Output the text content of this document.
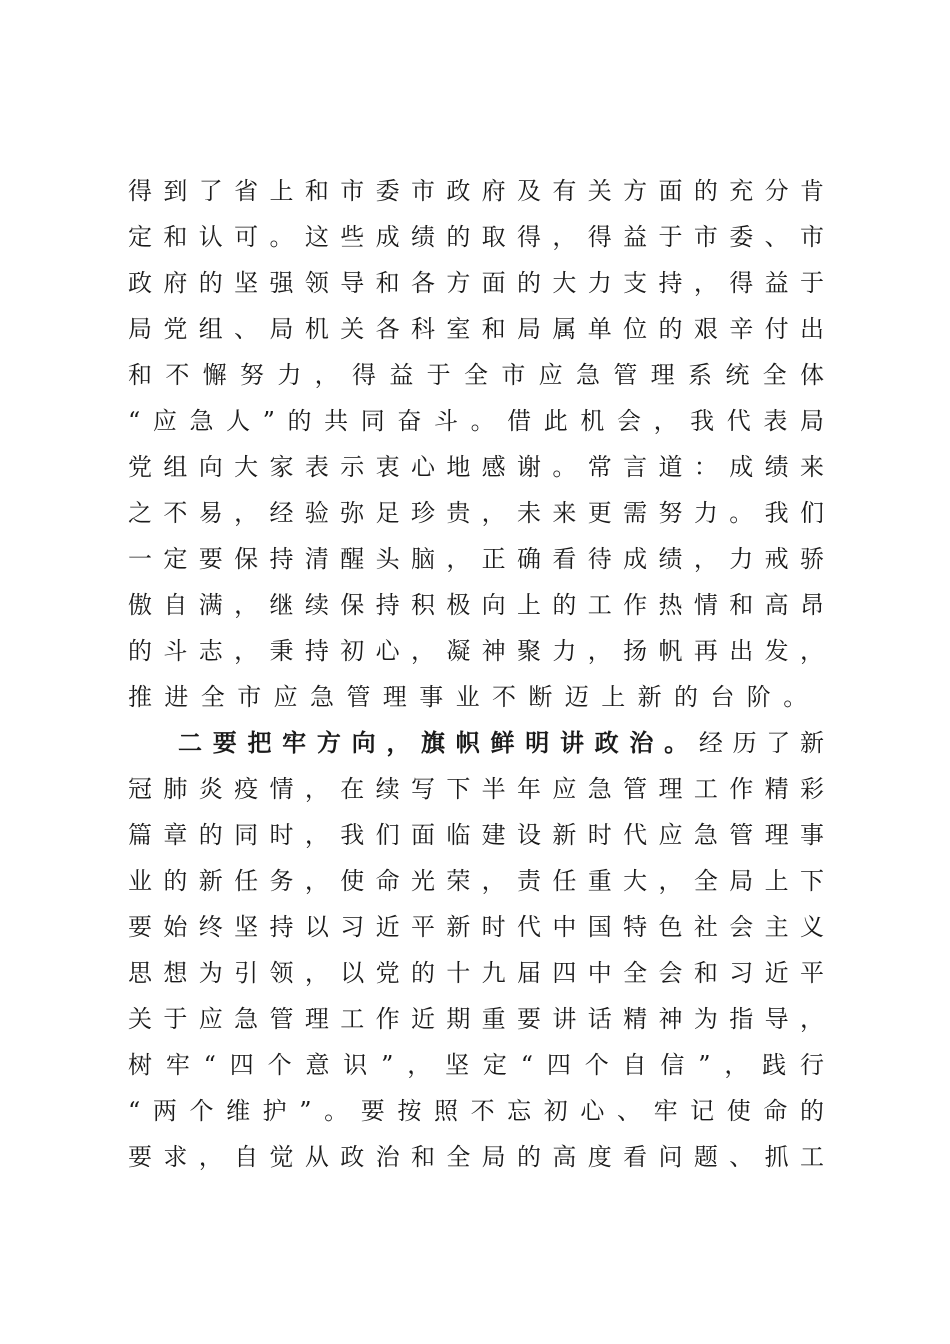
得到了省上和市委市政府及有关方面的充分肯
定和认可。这些成绩的取得，得益于市委、市
政府的坚强领导和各方面的大力支持，得益于
局党组、局机关各科室和局属单位的艰辛付出
和不懈努力，得益于全市应急管理系统全体
“应急人”的共同奋斗。借此机会，我代表局
党组向大家表示衷心地感谢。常言道：成绩来
之不易，经验弥足珍贵，未来更需努力。我们
一定要保持清醒头脑，正确看待成绩，力戒骄
傲自满，继续保持积极向上的工作热情和高昂
的斗志，秉持初心，凝神聚力，扬帆再出发，
推进全市应急管理事业不断迈上新的台阶。
二要把牢方向，旗帜鲜明讲政治。经历了新
冠肺炎疫情，在续写下半年应急管理工作精彩
篇章的同时，我们面临建设新时代应急管理事
业的新任务，使命光荣，责任重大，全局上下
要始终坚持以习近平新时代中国特色社会主义
思想为引领，以党的十九届四中全会和习近平
关于应急管理工作近期重要讲话精神为指导，
树牢“四个意识”，坚定“四个自信”，践行
“两个维护”。要按照不忘初心、牢记使命的
要求，自觉从政治和全局的高度看问题、抓工
